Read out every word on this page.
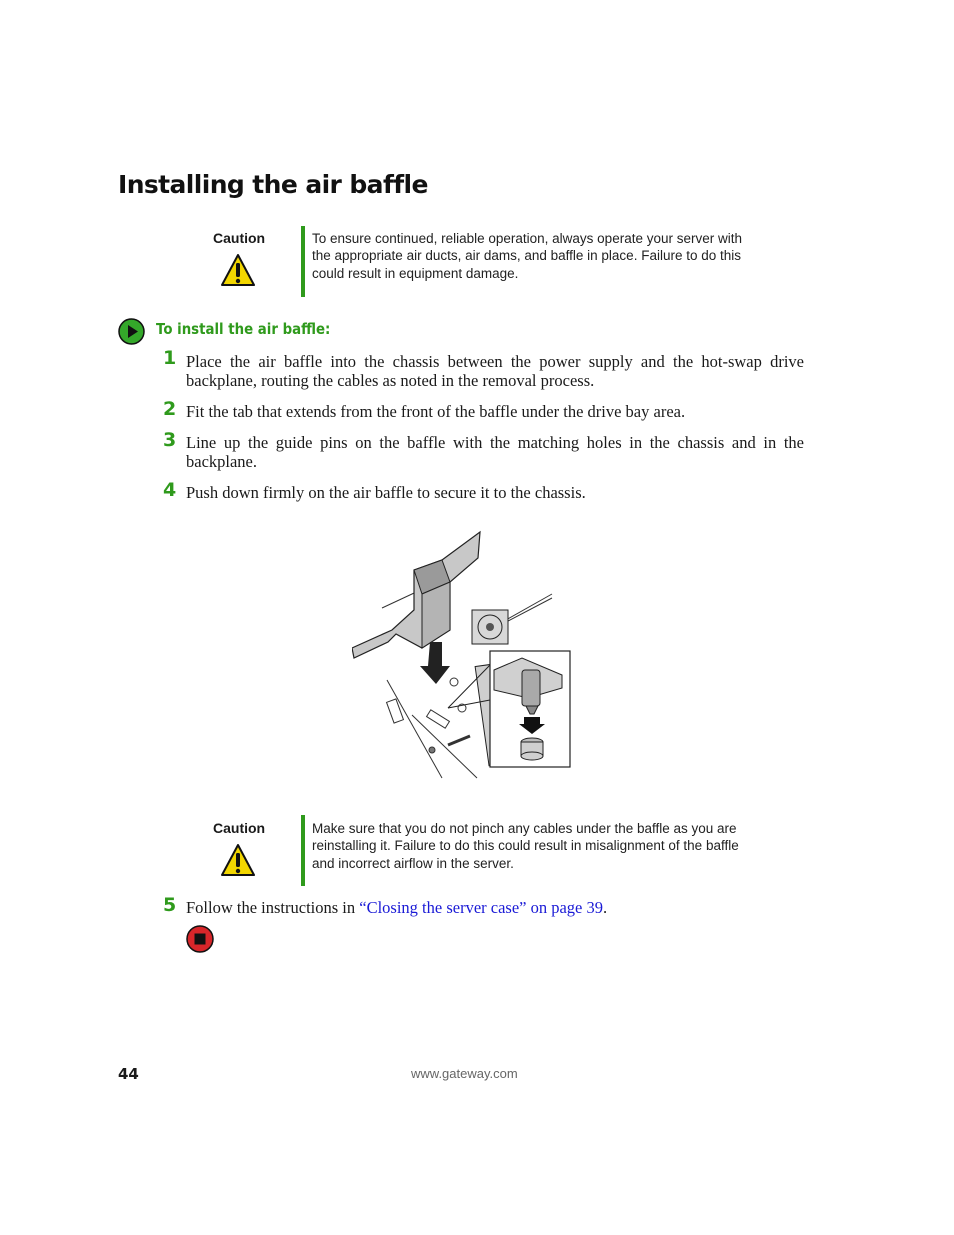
Installing the air baffle
Caution	To ensure continued, reliable operation, always operate your server with the appropriate air ducts, air dams, and baffle in place. Failure to do this could result in equipment damage.
To install the air baffle:
1 Place the air baffle into the chassis between the power supply and the hot-swap drive backplane, routing the cables as noted in the removal process.
2 Fit the tab that extends from the front of the baffle under the drive bay area.
3 Line up the guide pins on the baffle with the matching holes in the chassis and in the backplane.
4 Push down firmly on the air baffle to secure it to the chassis.
Caution	Make sure that you do not pinch any cables under the baffle as you are reinstalling it. Failure to do this could result in misalignment of the baffle and incorrect airflow in the server.
5 Follow the instructions in “Closing the server case” on page 39.
44	www.gateway.com
